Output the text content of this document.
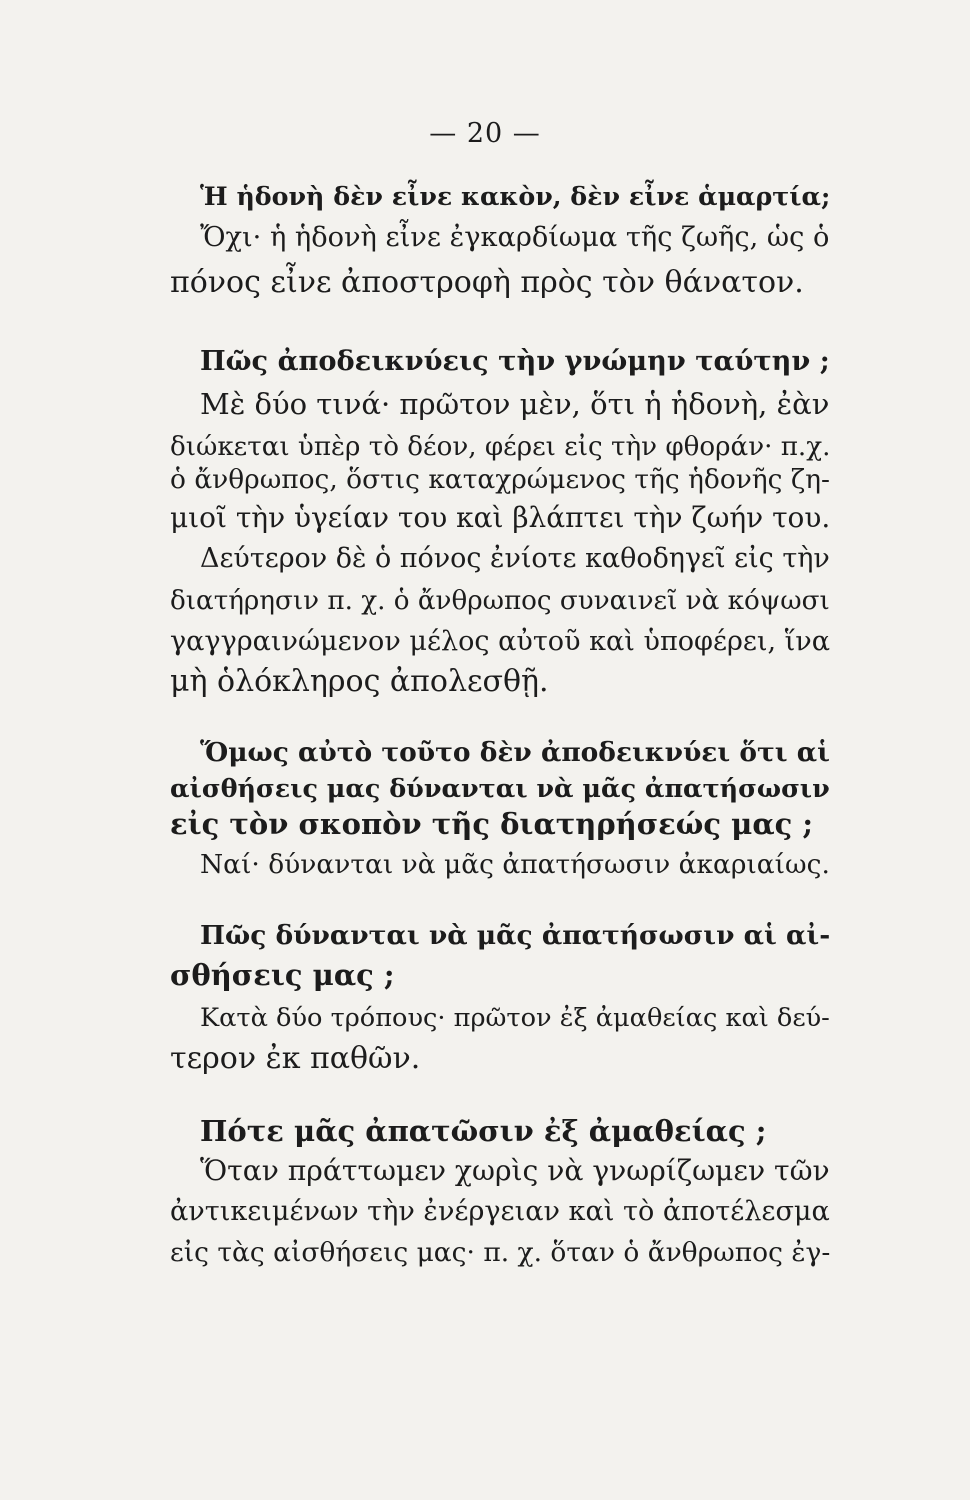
— 20 —
Ἡ ἡδονὴ δὲν εἶνε κακὸν, δὲν εἶνε ἁμαρτία;
Ὄχι· ἡ ἡδονὴ εἶνε ἐγκαρδίωμα τῆς ζωῆς, ὡς ὁ
πόνος εἶνε ἀποστροφὴ πρὸς τὸν θάνατον.
Πῶς ἀποδεικνύεις τὴν γνώμην ταύτην ;
Μὲ δύο τινά· πρῶτον μὲν, ὅτι ἡ ἡδονὴ, ἐὰν
διώκεται ὑπὲρ τὸ δέον, φέρει εἰς τὴν φθοράν· π.χ.
ὁ ἄνθρωπος, ὅστις καταχρώμενος τῆς ἡδονῆς ζη-
μιοῖ τὴν ὑγείαν του καὶ βλάπτει τὴν ζωήν του.
Δεύτερον δὲ ὁ πόνος ἐνίοτε καθοδηγεῖ εἰς τὴν
διατήρησιν π. χ. ὁ ἄνθρωπος συναινεῖ νὰ κόψωσι
γαγγραινώμενον μέλος αὐτοῦ καὶ ὑποφέρει, ἵνα
μὴ ὁλόκληρος ἀπολεσθῇ.
Ὅμως αὐτὸ τοῦτο δὲν ἀποδεικνύει ὅτι αἱ
αἰσθήσεις μας δύνανται νὰ μᾶς ἀπατήσωσιν
εἰς τὸν σκοπὸν τῆς διατηρήσεώς μας ;
Ναί· δύνανται νὰ μᾶς ἀπατήσωσιν ἀκαριαίως.
Πῶς δύνανται νὰ μᾶς ἀπατήσωσιν αἱ αἰ-
σθήσεις μας ;
Κατὰ δύο τρόπους· πρῶτον ἐξ ἀμαθείας καὶ δεύ-
τερον ἐκ παθῶν.
Πότε μᾶς ἀπατῶσιν ἐξ ἀμαθείας ;
Ὅταν πράττωμεν χωρὶς νὰ γνωρίζωμεν τῶν
ἀντικειμένων τὴν ἐνέργειαν καὶ τὸ ἀποτέλεσμα
εἰς τὰς αἰσθήσεις μας· π. χ. ὅταν ὁ ἄνθρωπος ἐγ-
